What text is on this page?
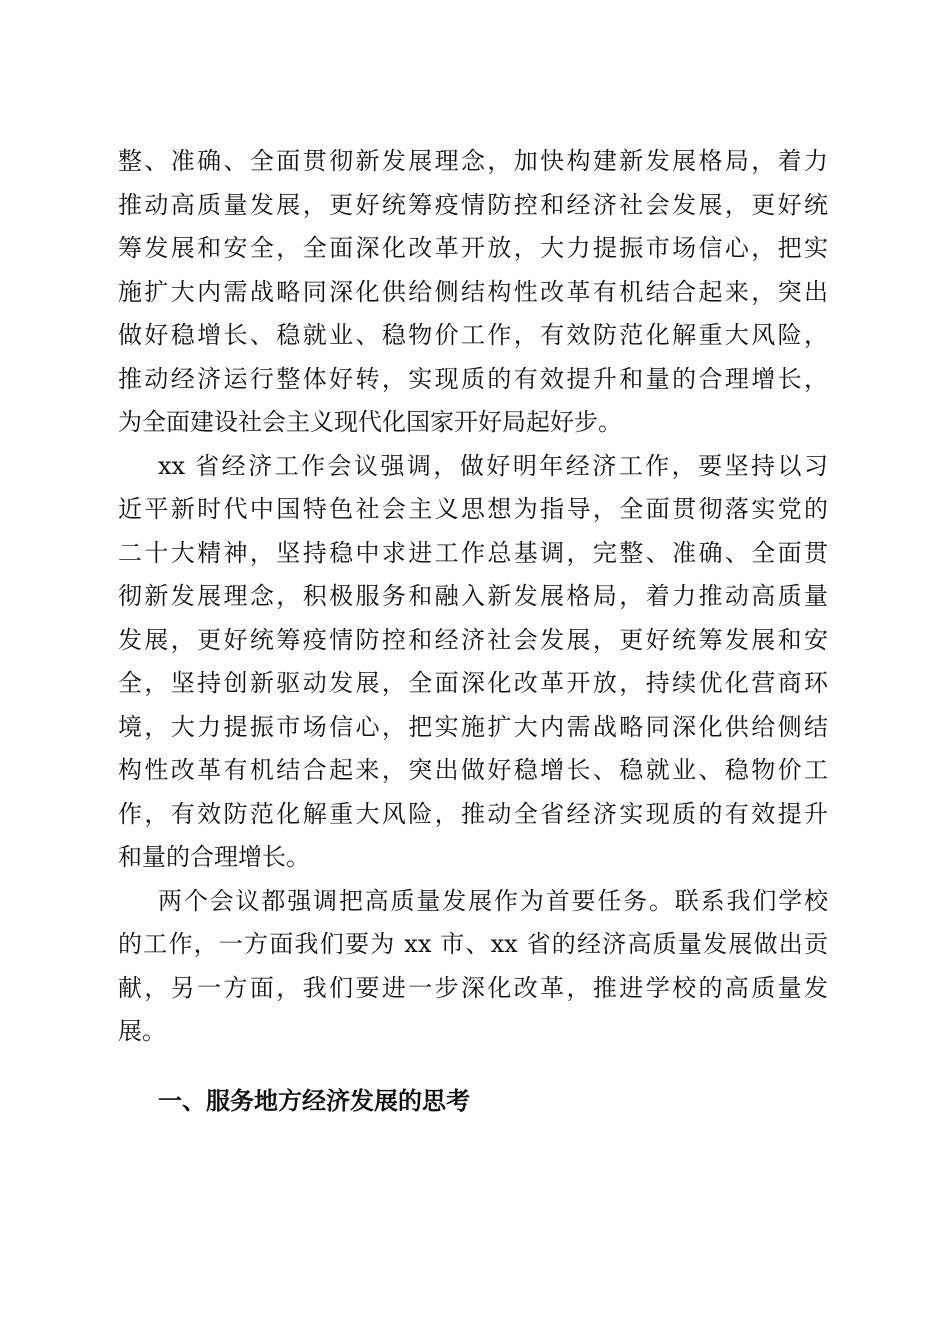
整、准确、全面贯彻新发展理念，加快构建新发展格局，着力
推动高质量发展，更好统筹疫情防控和经济社会发展，更好统
筹发展和安全，全面深化改革开放，大力提振市场信心，把实
施扩大内需战略同深化供给侧结构性改革有机结合起来，突出
做好稳增长、稳就业、稳物价工作，有效防范化解重大风险，
推动经济运行整体好转，实现质的有效提升和量的合理增长，
为全面建设社会主义现代化国家开好局起好步。
xx 省经济工作会议强调，做好明年经济工作，要坚持以习
近平新时代中国特色社会主义思想为指导，全面贯彻落实党的
二十大精神，坚持稳中求进工作总基调，完整、准确、全面贯
彻新发展理念，积极服务和融入新发展格局，着力推动高质量
发展，更好统筹疫情防控和经济社会发展，更好统筹发展和安
全，坚持创新驱动发展，全面深化改革开放，持续优化营商环
境，大力提振市场信心，把实施扩大内需战略同深化供给侧结
构性改革有机结合起来，突出做好稳增长、稳就业、稳物价工
作，有效防范化解重大风险，推动全省经济实现质的有效提升
和量的合理增长。
两个会议都强调把高质量发展作为首要任务。联系我们学校
的工作，一方面我们要为 xx 市、xx 省的经济高质量发展做出贡
献，另一方面，我们要进一步深化改革，推进学校的高质量发
展。
一、服务地方经济发展的思考
